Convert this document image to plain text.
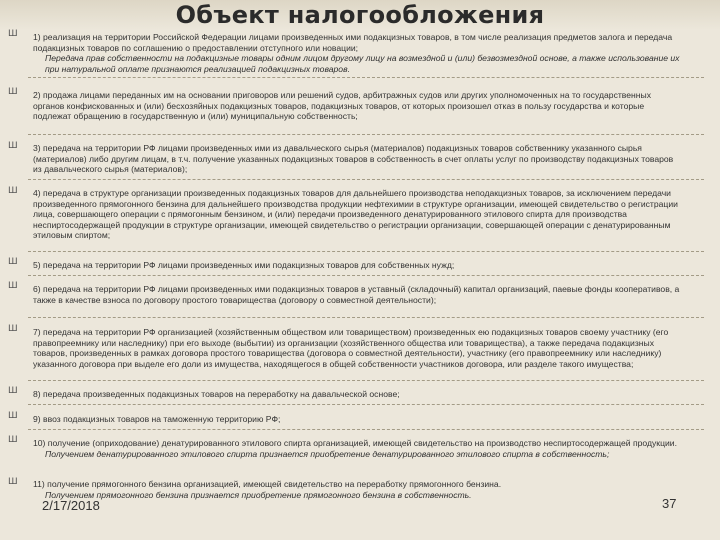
Объект налогообложения
Ш 1) реализация на территории Российской Федерации лицами произведенных ими подакцизных товаров, в том числе реализация предметов залога и передача подакцизных товаров по соглашению о предоставлении отступного или новации;
Передача прав собственности на подакцизные товары одним лицом другому лицу на возмездной и (или) безвозмездной основе, а также использование их при натуральной оплате признаются реализацией подакцизных товаров.
Ш 2) продажа лицами переданных им на основании приговоров или решений судов, арбитражных судов или других уполномоченных на то государственных органов конфискованных и (или) бесхозяйных подакцизных товаров, подакцизных товаров, от которых произошел отказ в пользу государства и которые подлежат обращению в государственную и (или) муниципальную собственность;
Ш 3) передача на территории РФ лицами произведенных ими из давальческого сырья (материалов) подакцизных товаров собственнику указанного сырья (материалов) либо другим лицам, в т.ч. получение указанных подакцизных товаров в собственность в счет оплаты услуг по производству подакцизных товаров из давальческого сырья (материалов);
Ш 4) передача в структуре организации произведенных подакцизных товаров для дальнейшего производства неподакцизных товаров, за исключением передачи произведенного прямогонного бензина для дальнейшего производства продукции нефтехимии в структуре организации, имеющей свидетельство о регистрации лица, совершающего операции с прямогонным бензином, и (или) передачи произведенного денатурированного этилового спирта для производства неспиртосодержащей продукции в структуре организации, имеющей свидетельство о регистрации организации, совершающей операции с денатурированным этиловым спиртом;
Ш 5) передача на территории РФ лицами произведенных ими подакцизных товаров для собственных нужд;
Ш 6) передача на территории РФ лицами произведенных ими подакцизных товаров в уставный (складочный) капитал организаций, паевые фонды кооперативов, а также в качестве взноса по договору простого товарищества (договору о совместной деятельности);
Ш 7) передача на территории РФ организацией (хозяйственным обществом или товариществом) произведенных ею подакцизных товаров своему участнику (его правопреемнику или наследнику) при его выходе (выбытии) из организации (хозяйственного общества или товарищества), а также передача подакцизных товаров, произведенных в рамках договора простого товарищества (договора о совместной деятельности), участнику (его правопреемнику или наследнику) указанного договора при выделе его доли из имущества, находящегося в общей собственности участников договора, или разделе такого имущества;
Ш 8) передача произведенных подакцизных товаров на переработку на давальческой основе;
Ш 9) ввоз подакцизных товаров на таможенную территорию РФ;
Ш 10) получение (оприходование) денатурированного этилового спирта организацией, имеющей свидетельство на производство неспиртосодержащей продукции.
Получением денатурированного этилового спирта признается приобретение денатурированного этилового спирта в собственность;
Ш 11) получение прямогонного бензина организацией, имеющей свидетельство на переработку прямогонного бензина.
Получением прямогонного бензина признается приобретение прямогонного бензина в собственность.
2/17/2018	37
